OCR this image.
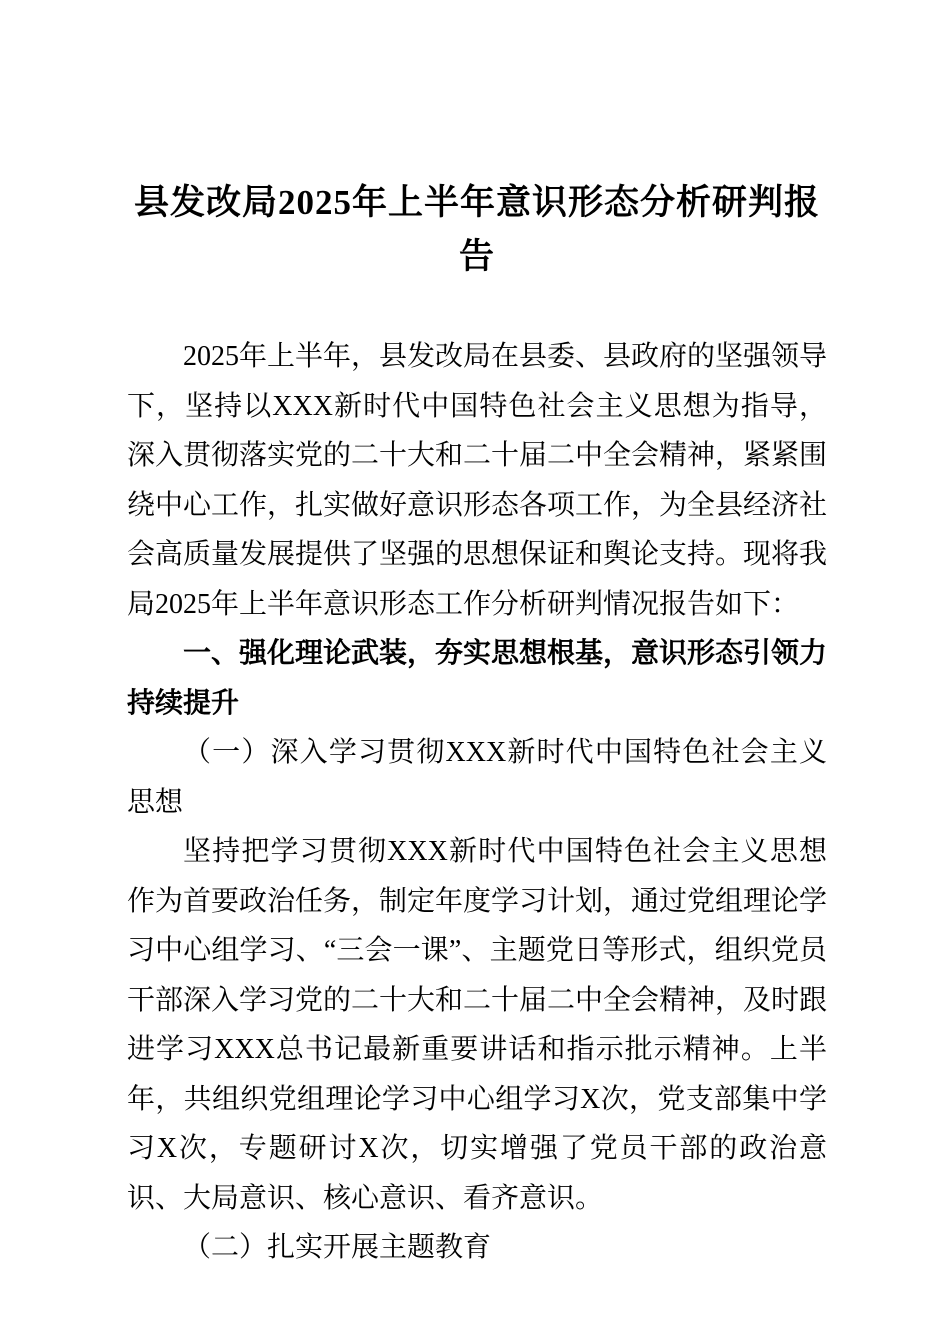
县发改局2025年上半年意识形态分析研判报告

2025年上半年，县发改局在县委、县政府的坚强领导下，坚持以XXX新时代中国特色社会主义思想为指导，深入贯彻落实党的二十大和二十届二中全会精神，紧紧围绕中心工作，扎实做好意识形态各项工作，为全县经济社会高质量发展提供了坚强的思想保证和舆论支持。现将我局2025年上半年意识形态工作分析研判情况报告如下：

一、强化理论武装，夯实思想根基，意识形态引领力持续提升

（一）深入学习贯彻XXX新时代中国特色社会主义思想

坚持把学习贯彻XXX新时代中国特色社会主义思想作为首要政治任务，制定年度学习计划，通过党组理论学习中心组学习、“三会一课”、主题党日等形式，组织党员干部深入学习党的二十大和二十届二中全会精神，及时跟进学习XXX总书记最新重要讲话和指示批示精神。上半年，共组织党组理论学习中心组学习X次，党支部集中学习X次，专题研讨X次，切实增强了党员干部的政治意识、大局意识、核心意识、看齐意识。

（二）扎实开展主题教育
